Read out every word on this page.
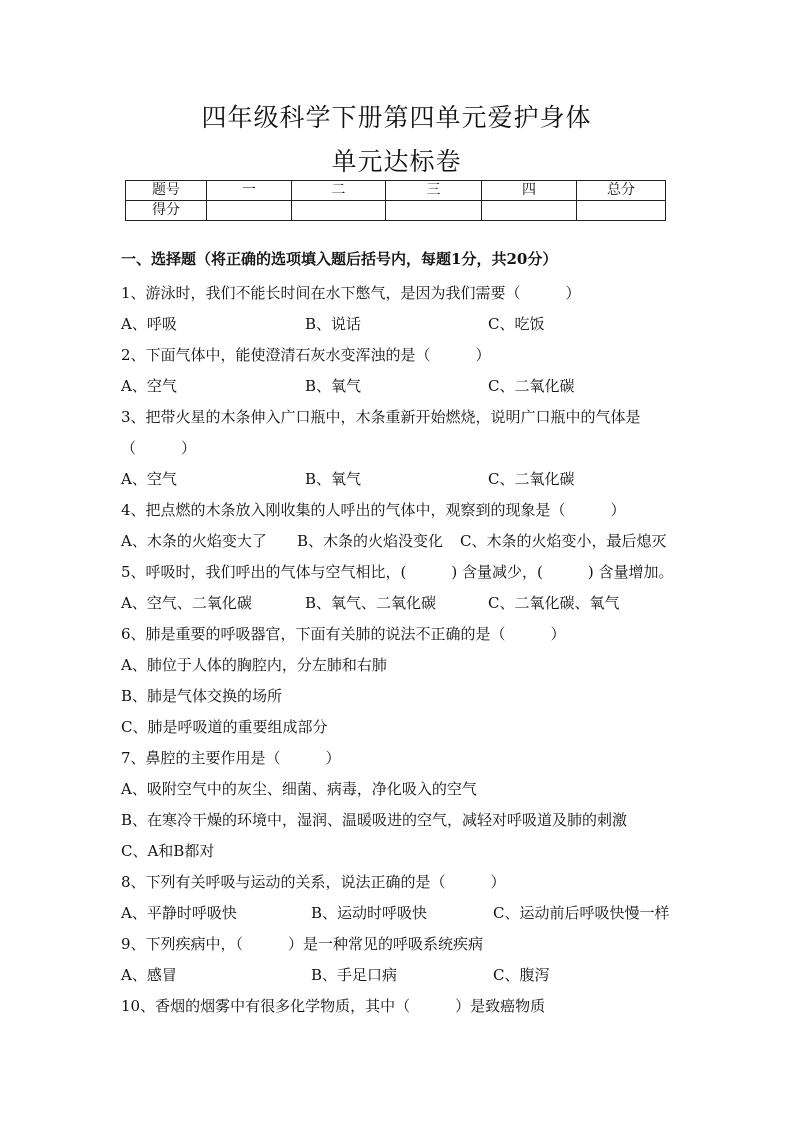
四年级科学下册第四单元爱护身体
单元达标卷
题号	一	二	三	四	总分
得分					
一、选择题（将正确的选项填入题后括号内，每题1分，共20分）
1、游泳时，我们不能长时间在水下憋气，是因为我们需要（　　　）
A、呼吸	B、说话	C、吃饭
2、下面气体中，能使澄清石灰水变浑浊的是（　　　）
A、空气	B、氧气	C、二氧化碳
3、把带火星的木条伸入广口瓶中，木条重新开始燃烧，说明广口瓶中的气体是
（　　　）
A、空气	B、氧气	C、二氧化碳
4、把点燃的木条放入刚收集的人呼出的气体中，观察到的现象是（　　　）
A、木条的火焰变大了 B、木条的火焰没变化 C、木条的火焰变小，最后熄灭
5、呼吸时，我们呼出的气体与空气相比，(　　　) 含量减少，(　　　) 含量增加。
A、空气、二氧化碳	B、氧气、二氧化碳	C、二氧化碳、氧气
6、肺是重要的呼吸器官，下面有关肺的说法不正确的是（　　　）
A、肺位于人体的胸腔内，分左肺和右肺
B、肺是气体交换的场所
C、肺是呼吸道的重要组成部分
7、鼻腔的主要作用是（　　　）
A、吸附空气中的灰尘、细菌、病毒，净化吸入的空气
B、在寒冷干燥的环境中，湿润、温暖吸进的空气，减轻对呼吸道及肺的刺激
C、A和B都对
8、下列有关呼吸与运动的关系，说法正确的是（　　　）
A、平静时呼吸快	B、运动时呼吸快	C、运动前后呼吸快慢一样
9、下列疾病中，（　　　）是一种常见的呼吸系统疾病
A、感冒	B、手足口病	C、腹泻
10、香烟的烟雾中有很多化学物质，其中（　　　）是致癌物质
